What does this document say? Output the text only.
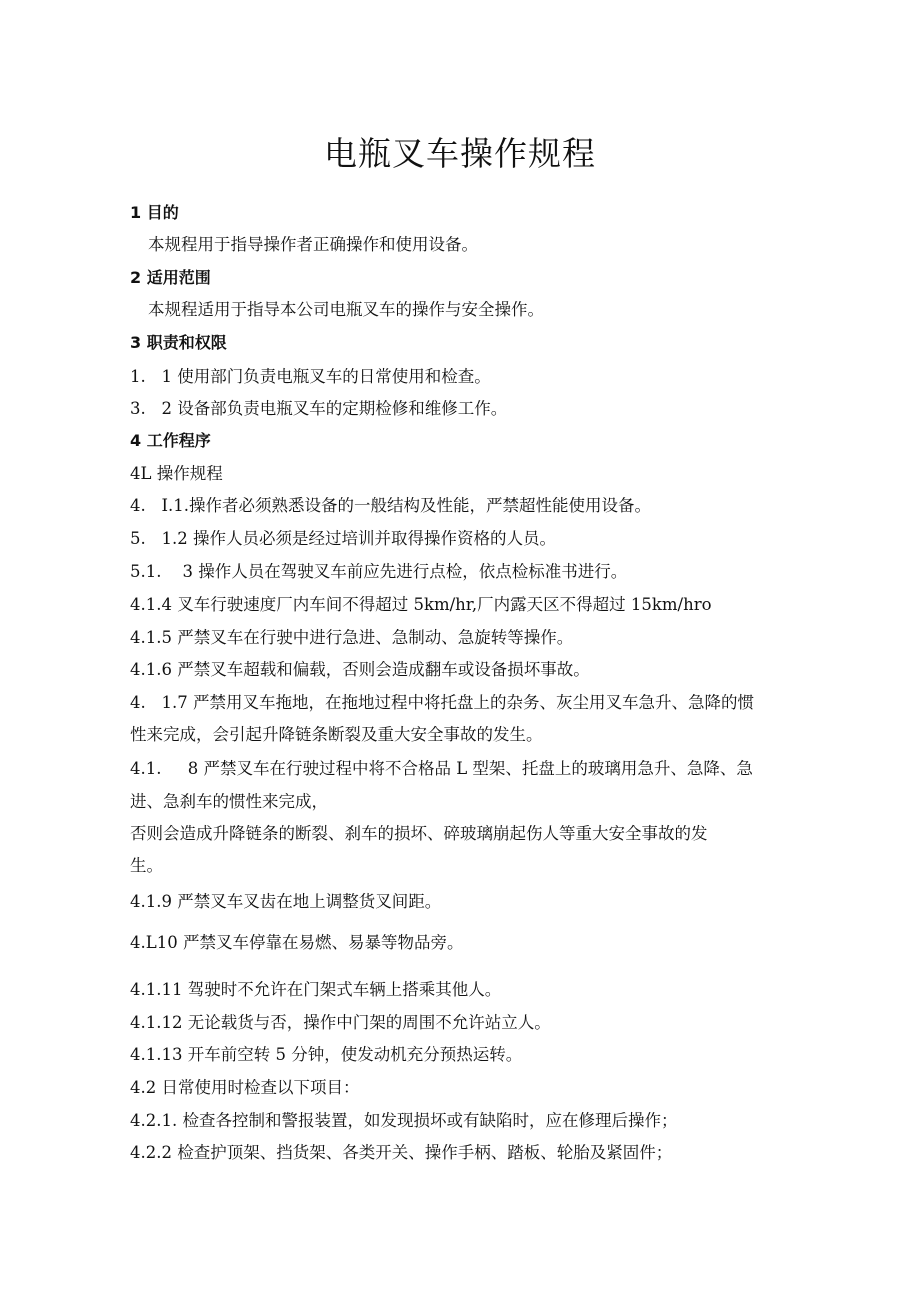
电瓶叉车操作规程
1 目的
本规程用于指导操作者正确操作和使用设备。
2 适用范围
本规程适用于指导本公司电瓶叉车的操作与安全操作。
3 职责和权限
1.   1 使用部门负责电瓶叉车的日常使用和检查。
3.   2 设备部负责电瓶叉车的定期检修和维修工作。
4 工作程序
4L 操作规程
4.   I.1.操作者必须熟悉设备的一般结构及性能，严禁超性能使用设备。
5.   1.2 操作人员必须是经过培训并取得操作资格的人员。
5.1.    3 操作人员在驾驶叉车前应先进行点检，依点检标准书进行。
4.1.4 叉车行驶速度厂内车间不得超过 5km/hr,厂内露天区不得超过 15km/hro
4.1.5 严禁叉车在行驶中进行急进、急制动、急旋转等操作。
4.1.6 严禁叉车超载和偏载，否则会造成翻车或设备损坏事故。
4.   1.7 严禁用叉车拖地，在拖地过程中将托盘上的杂务、灰尘用叉车急升、急降的惯
性来完成，会引起升降链条断裂及重大安全事故的发生。
4.1.     8 严禁叉车在行驶过程中将不合格品 L 型架、托盘上的玻璃用急升、急降、急
进、急刹车的惯性来完成，
否则会造成升降链条的断裂、刹车的损坏、碎玻璃崩起伤人等重大安全事故的发
生。
4.1.9 严禁叉车叉齿在地上调整货叉间距。
4.L10 严禁叉车停靠在易燃、易暴等物品旁。
4.1.11 驾驶时不允许在门架式车辆上搭乘其他人。
4.1.12 无论载货与否，操作中门架的周围不允许站立人。
4.1.13 开车前空转 5 分钟，使发动机充分预热运转。
4.2 日常使用时检查以下项目：
4.2.1. 检查各控制和警报装置，如发现损坏或有缺陷时，应在修理后操作；
4.2.2 检查护顶架、挡货架、各类开关、操作手柄、踏板、轮胎及紧固件；
